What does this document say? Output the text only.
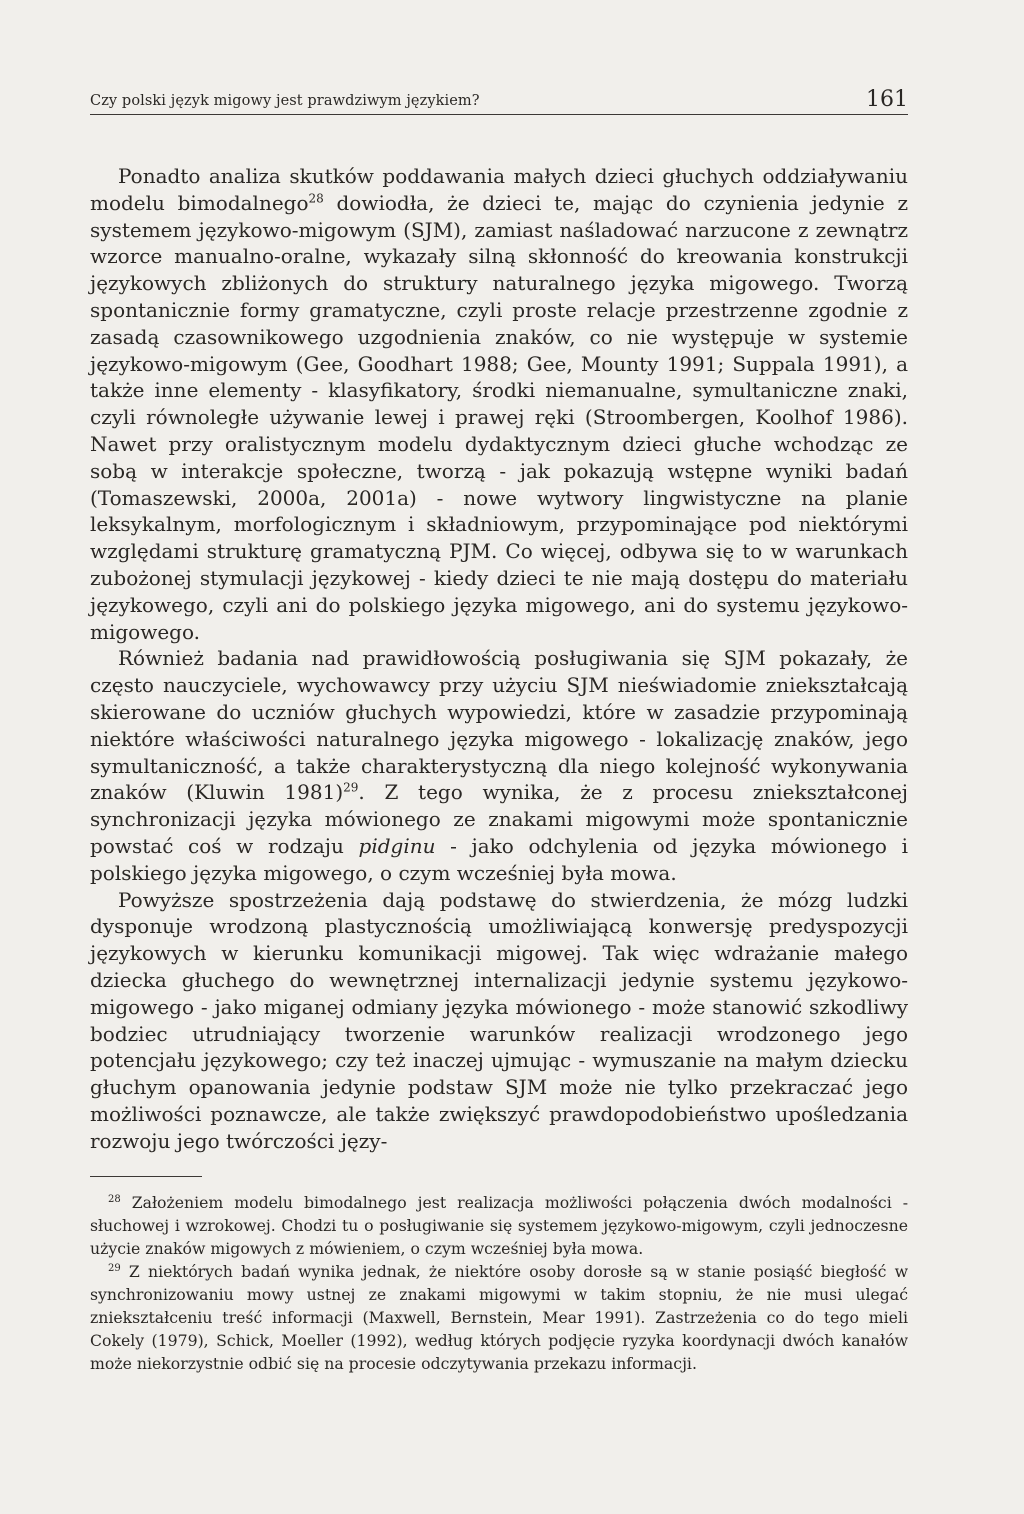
Czy polski język migowy jest prawdziwym językiem?	161

Ponadto analiza skutków poddawania małych dzieci głuchych oddziaływaniu modelu bimodalnego$^{28}$ dowiodła, że dzieci te, mając do czynienia jedynie z systemem językowo-migowym (SJM), zamiast naśladować narzucone z zewnątrz wzorce manualno-oralne, wykazały silną skłonność do kreowania konstrukcji językowych zbliżonych do struktury naturalnego języka migowego. Tworzą spontanicznie formy gramatyczne, czyli proste relacje przestrzenne zgodnie z zasadą czasownikowego uzgodnienia znaków, co nie występuje w systemie językowo-migowym (Gee, Goodhart 1988; Gee, Mounty 1991; Suppala 1991), a także inne elementy - klasyfikatory, środki niemanualne, symultaniczne znaki, czyli równoległe używanie lewej i prawej ręki (Stroombergen, Koolhof 1986). Nawet przy oralistycznym modelu dydaktycznym dzieci głuche wchodząc ze sobą w interakcje społeczne, tworzą - jak pokazują wstępne wyniki badań (Tomaszewski, 2000a, 2001a) - nowe wytwory lingwistyczne na planie leksykalnym, morfologicznym i składniowym, przypominające pod niektórymi względami strukturę gramatyczną PJM. Co więcej, odbywa się to w warunkach zubożonej stymulacji językowej - kiedy dzieci te nie mają dostępu do materiału językowego, czyli ani do polskiego języka migowego, ani do systemu językowo-migowego.

Również badania nad prawidłowością posługiwania się SJM pokazały, że często nauczyciele, wychowawcy przy użyciu SJM nieświadomie zniekształcają skierowane do uczniów głuchych wypowiedzi, które w zasadzie przypominają niektóre właściwości naturalnego języka migowego - lokalizację znaków, jego symultaniczność, a także charakterystyczną dla niego kolejność wykonywania znaków (Kluwin 1981)$^{29}$. Z tego wynika, że z procesu zniekształconej synchronizacji języka mówionego ze znakami migowymi może spontanicznie powstać coś w rodzaju pidginu - jako odchylenia od języka mówionego i polskiego języka migowego, o czym wcześniej była mowa.

Powyższe spostrzeżenia dają podstawę do stwierdzenia, że mózg ludzki dysponuje wrodzoną plastycznością umożliwiającą konwersję predyspozycji językowych w kierunku komunikacji migowej. Tak więc wdrażanie małego dziecka głuchego do wewnętrznej internalizacji jedynie systemu językowo-migowego - jako miganej odmiany języka mówionego - może stanowić szkodliwy bodziec utrudniający tworzenie warunków realizacji wrodzonego jego potencjału językowego; czy też inaczej ujmując - wymuszanie na małym dziecku głuchym opanowania jedynie podstaw SJM może nie tylko przekraczać jego możliwości poznawcze, ale także zwiększyć prawdopodobieństwo upośledzania rozwoju jego twórczości języ-

$^{28}$ Założeniem modelu bimodalnego jest realizacja możliwości połączenia dwóch modalności - słuchowej i wzrokowej. Chodzi tu o posługiwanie się systemem językowo-migowym, czyli jednoczesne użycie znaków migowych z mówieniem, o czym wcześniej była mowa.

$^{29}$ Z niektórych badań wynika jednak, że niektóre osoby dorosłe są w stanie posiąść biegłość w synchronizowaniu mowy ustnej ze znakami migowymi w takim stopniu, że nie musi ulegać zniekształceniu treść informacji (Maxwell, Bernstein, Mear 1991). Zastrzeżenia co do tego mieli Cokely (1979), Schick, Moeller (1992), według których podjęcie ryzyka koordynacji dwóch kanałów może niekorzystnie odbić się na procesie odczytywania przekazu informacji.
